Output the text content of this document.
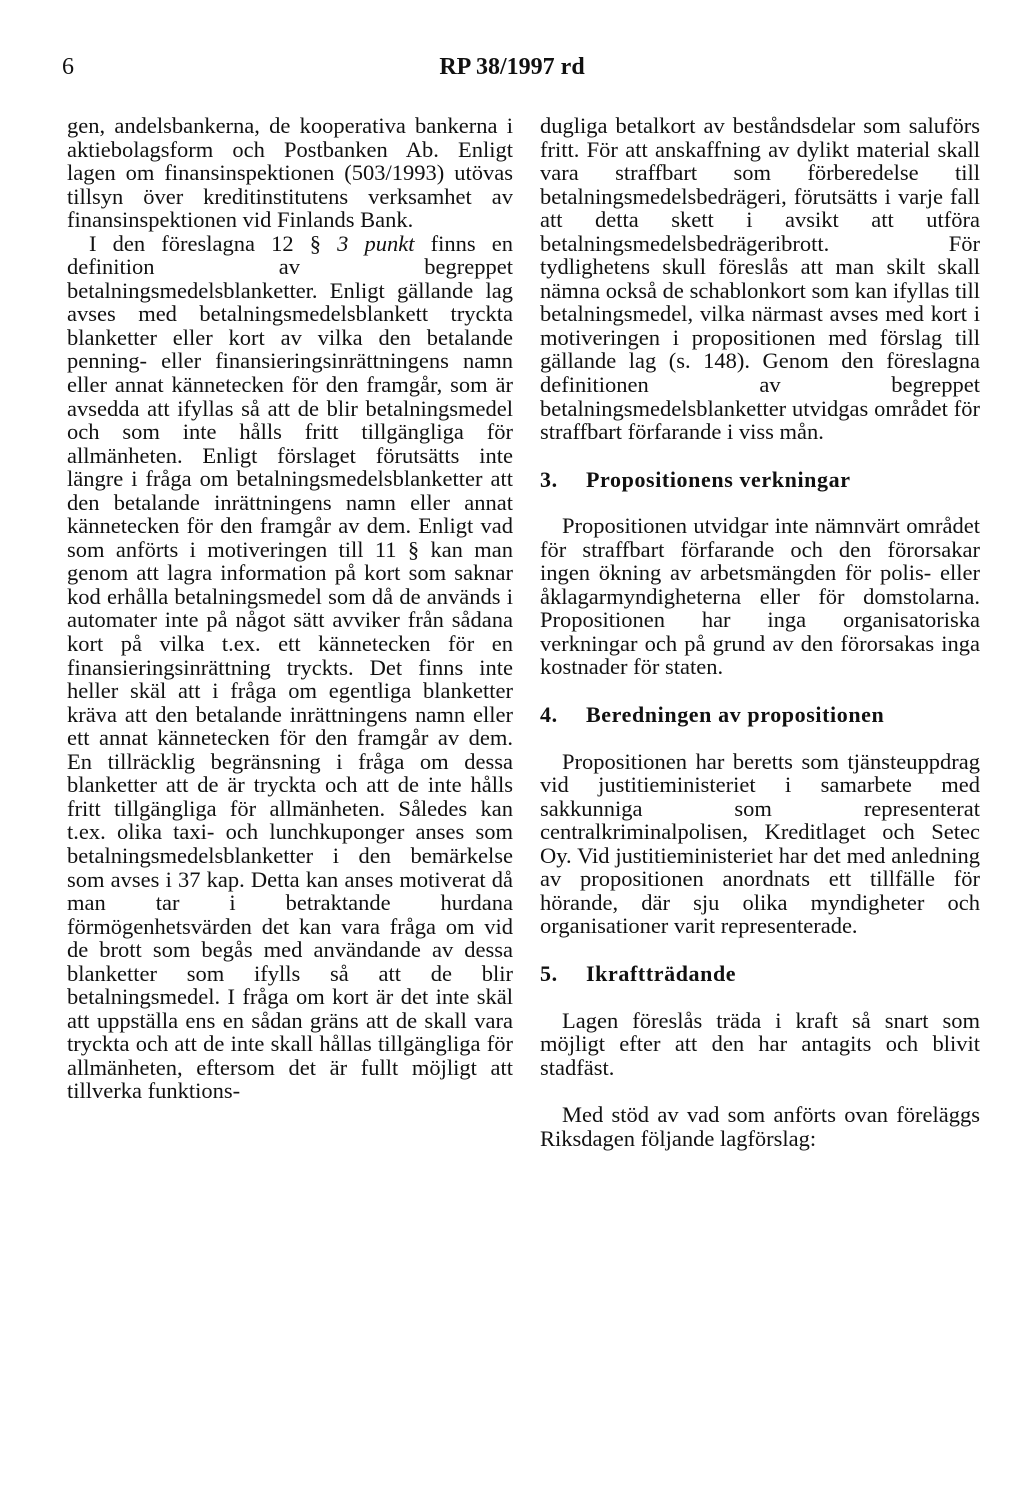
6	RP 38/1997 rd

gen, andelsbankerna, de kooperativa bankerna i aktiebolagsform och Postbanken Ab. Enligt lagen om finansinspektionen (503/1993) utövas tillsyn över kreditinstitutens verksamhet av finansinspektionen vid Finlands Bank.

I den föreslagna 12 § 3 punkt finns en definition av begreppet betalningsmedelsblanketter. Enligt gällande lag avses med betalningsmedelsblankett tryckta blanketter eller kort av vilka den betalande penning- eller finansieringsinrättningens namn eller annat kännetecken för den framgår, som är avsedda att ifyllas så att de blir betalningsmedel och som inte hålls fritt tillgängliga för allmänheten. Enligt förslaget förutsätts inte längre i fråga om betalningsmedelsblanketter att den betalande inrättningens namn eller annat kännetecken för den framgår av dem. Enligt vad som anförts i motiveringen till 11 § kan man genom att lagra information på kort som saknar kod erhålla betalningsmedel som då de används i automater inte på något sätt avviker från sådana kort på vilka t.ex. ett kännetecken för en finansieringsinrättning tryckts. Det finns inte heller skäl att i fråga om egentliga blanketter kräva att den betalande inrättningens namn eller ett annat kännetecken för den framgår av dem. En tillräcklig begränsning i fråga om dessa blanketter att de är tryckta och att de inte hålls fritt tillgängliga för allmänheten. Således kan t.ex. olika taxi- och lunchkuponger anses som betalningsmedelsblanketter i den bemärkelse som avses i 37 kap. Detta kan anses motiverat då man tar i betraktande hurdana förmögenhetsvärden det kan vara fråga om vid de brott som begås med användande av dessa blanketter som ifylls så att de blir betalningsmedel. I fråga om kort är det inte skäl att uppställa ens en sådan gräns att de skall vara tryckta och att de inte skall hållas tillgängliga för allmänheten, eftersom det är fullt möjligt att tillverka funktions-

dugliga betalkort av beståndsdelar som saluförs fritt. För att anskaffning av dylikt material skall vara straffbart som förberedelse till betalningsmedelsbedrägeri, förutsätts i varje fall att detta skett i avsikt att utföra betalningsmedelsbedrägeribrott. För tydlighetens skull föreslås att man skilt skall nämna också de schablonkort som kan ifyllas till betalningsmedel, vilka närmast avses med kort i motiveringen i propositionen med förslag till gällande lag (s. 148). Genom den föreslagna definitionen av begreppet betalningsmedelsblanketter utvidgas området för straffbart förfarande i viss mån.

3.	Propositionens verkningar

Propositionen utvidgar inte nämnvärt området för straffbart förfarande och den förorsakar ingen ökning av arbetsmängden för polis- eller åklagarmyndigheterna eller för domstolarna. Propositionen har inga organisatoriska verkningar och på grund av den förorsakas inga kostnader för staten.

4.	Beredningen av propositionen

Propositionen har beretts som tjänsteuppdrag vid justitieministeriet i samarbete med sakkunniga som representerat centralkriminalpolisen, Kreditlaget och Setec Oy. Vid justitieministeriet har det med anledning av propositionen anordnats ett tillfälle för hörande, där sju olika myndigheter och organisationer varit representerade.

5.	Ikraftträdande

Lagen föreslås träda i kraft så snart som möjligt efter att den har antagits och blivit stadfäst.

Med stöd av vad som anförts ovan föreläggs Riksdagen följande lagförslag:
